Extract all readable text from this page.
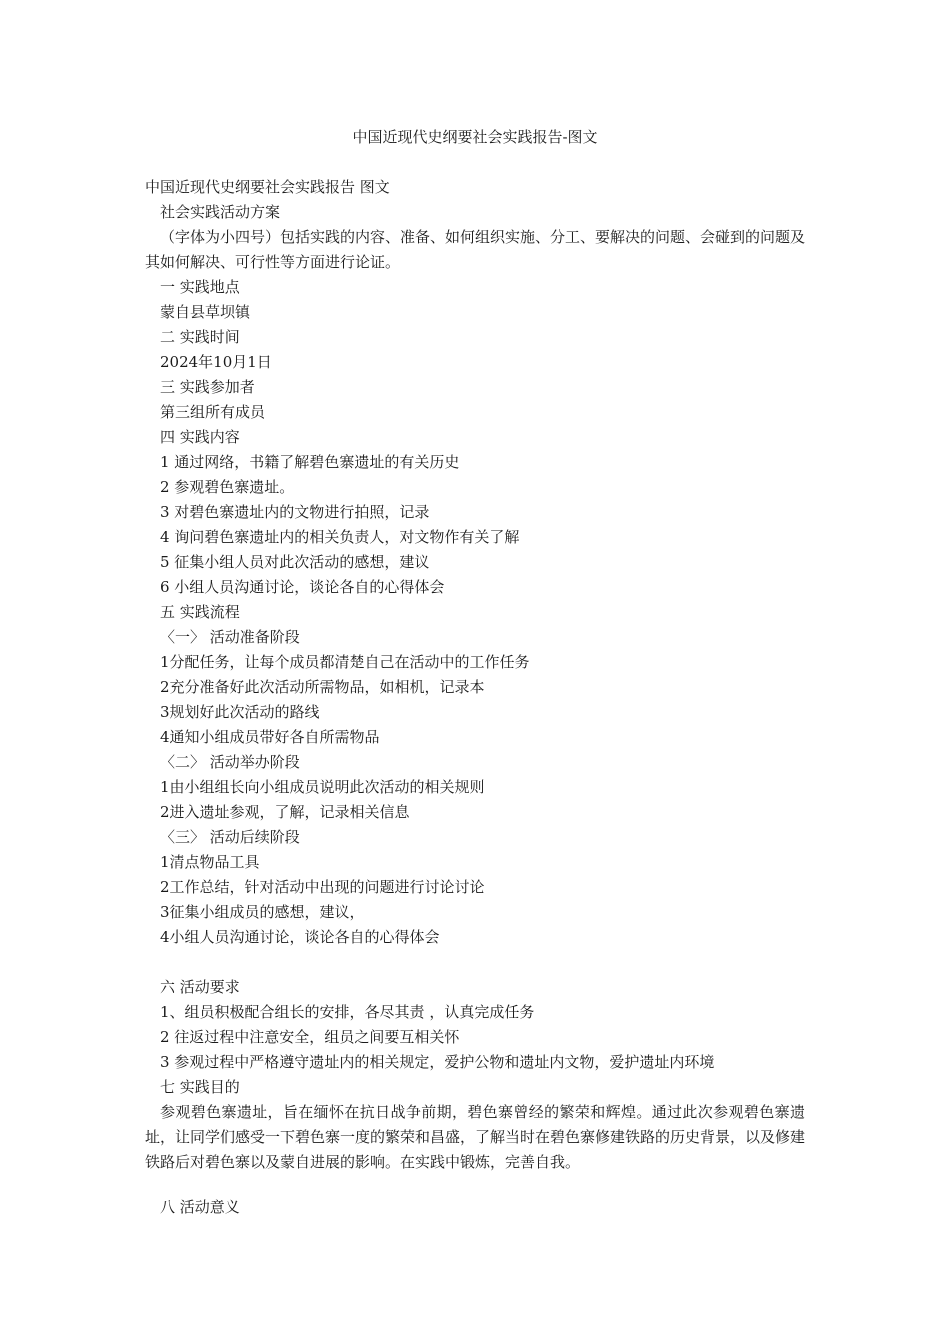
中国近现代史纲要社会实践报告-图文
中国近现代史纲要社会实践报告 图文
社会实践活动方案
（字体为小四号）包括实践的内容、准备、如何组织实施、分工、要解决的问题、会碰到的问题及其如何解决、可行性等方面进行论证。
一 实践地点
蒙自县草坝镇
二 实践时间
2024年10月1日
三 实践参加者
第三组所有成员
四 实践内容
1 通过网络，书籍了解碧色寨遗址的有关历史
2 参观碧色寨遗址。
3 对碧色寨遗址内的文物进行拍照，记录
4 询问碧色寨遗址内的相关负责人，对文物作有关了解
5 征集小组人员对此次活动的感想，建议
6 小组人员沟通讨论，谈论各自的心得体会
五 实践流程
〈一〉 活动准备阶段
1分配任务，让每个成员都清楚自己在活动中的工作任务
2充分准备好此次活动所需物品，如相机，记录本
3规划好此次活动的路线
4通知小组成员带好各自所需物品
〈二〉 活动举办阶段
1由小组组长向小组成员说明此次活动的相关规则
2进入遗址参观，了解，记录相关信息
〈三〉 活动后续阶段
1清点物品工具
2工作总结，针对活动中出现的问题进行讨论讨论
3征集小组成员的感想，建议，
4小组人员沟通讨论，谈论各自的心得体会
六 活动要求
1、组员积极配合组长的安排，各尽其责 ，认真完成任务
2 往返过程中注意安全，组员之间要互相关怀
3 参观过程中严格遵守遗址内的相关规定，爱护公物和遗址内文物，爱护遗址内环境
七 实践目的
参观碧色寨遗址，旨在缅怀在抗日战争前期，碧色寨曾经的繁荣和辉煌。通过此次参观碧色寨遗址，让同学们感受一下碧色寨一度的繁荣和昌盛，了解当时在碧色寨修建铁路的历史背景，以及修建铁路后对碧色寨以及蒙自进展的影响。在实践中锻炼，完善自我。
八 活动意义
